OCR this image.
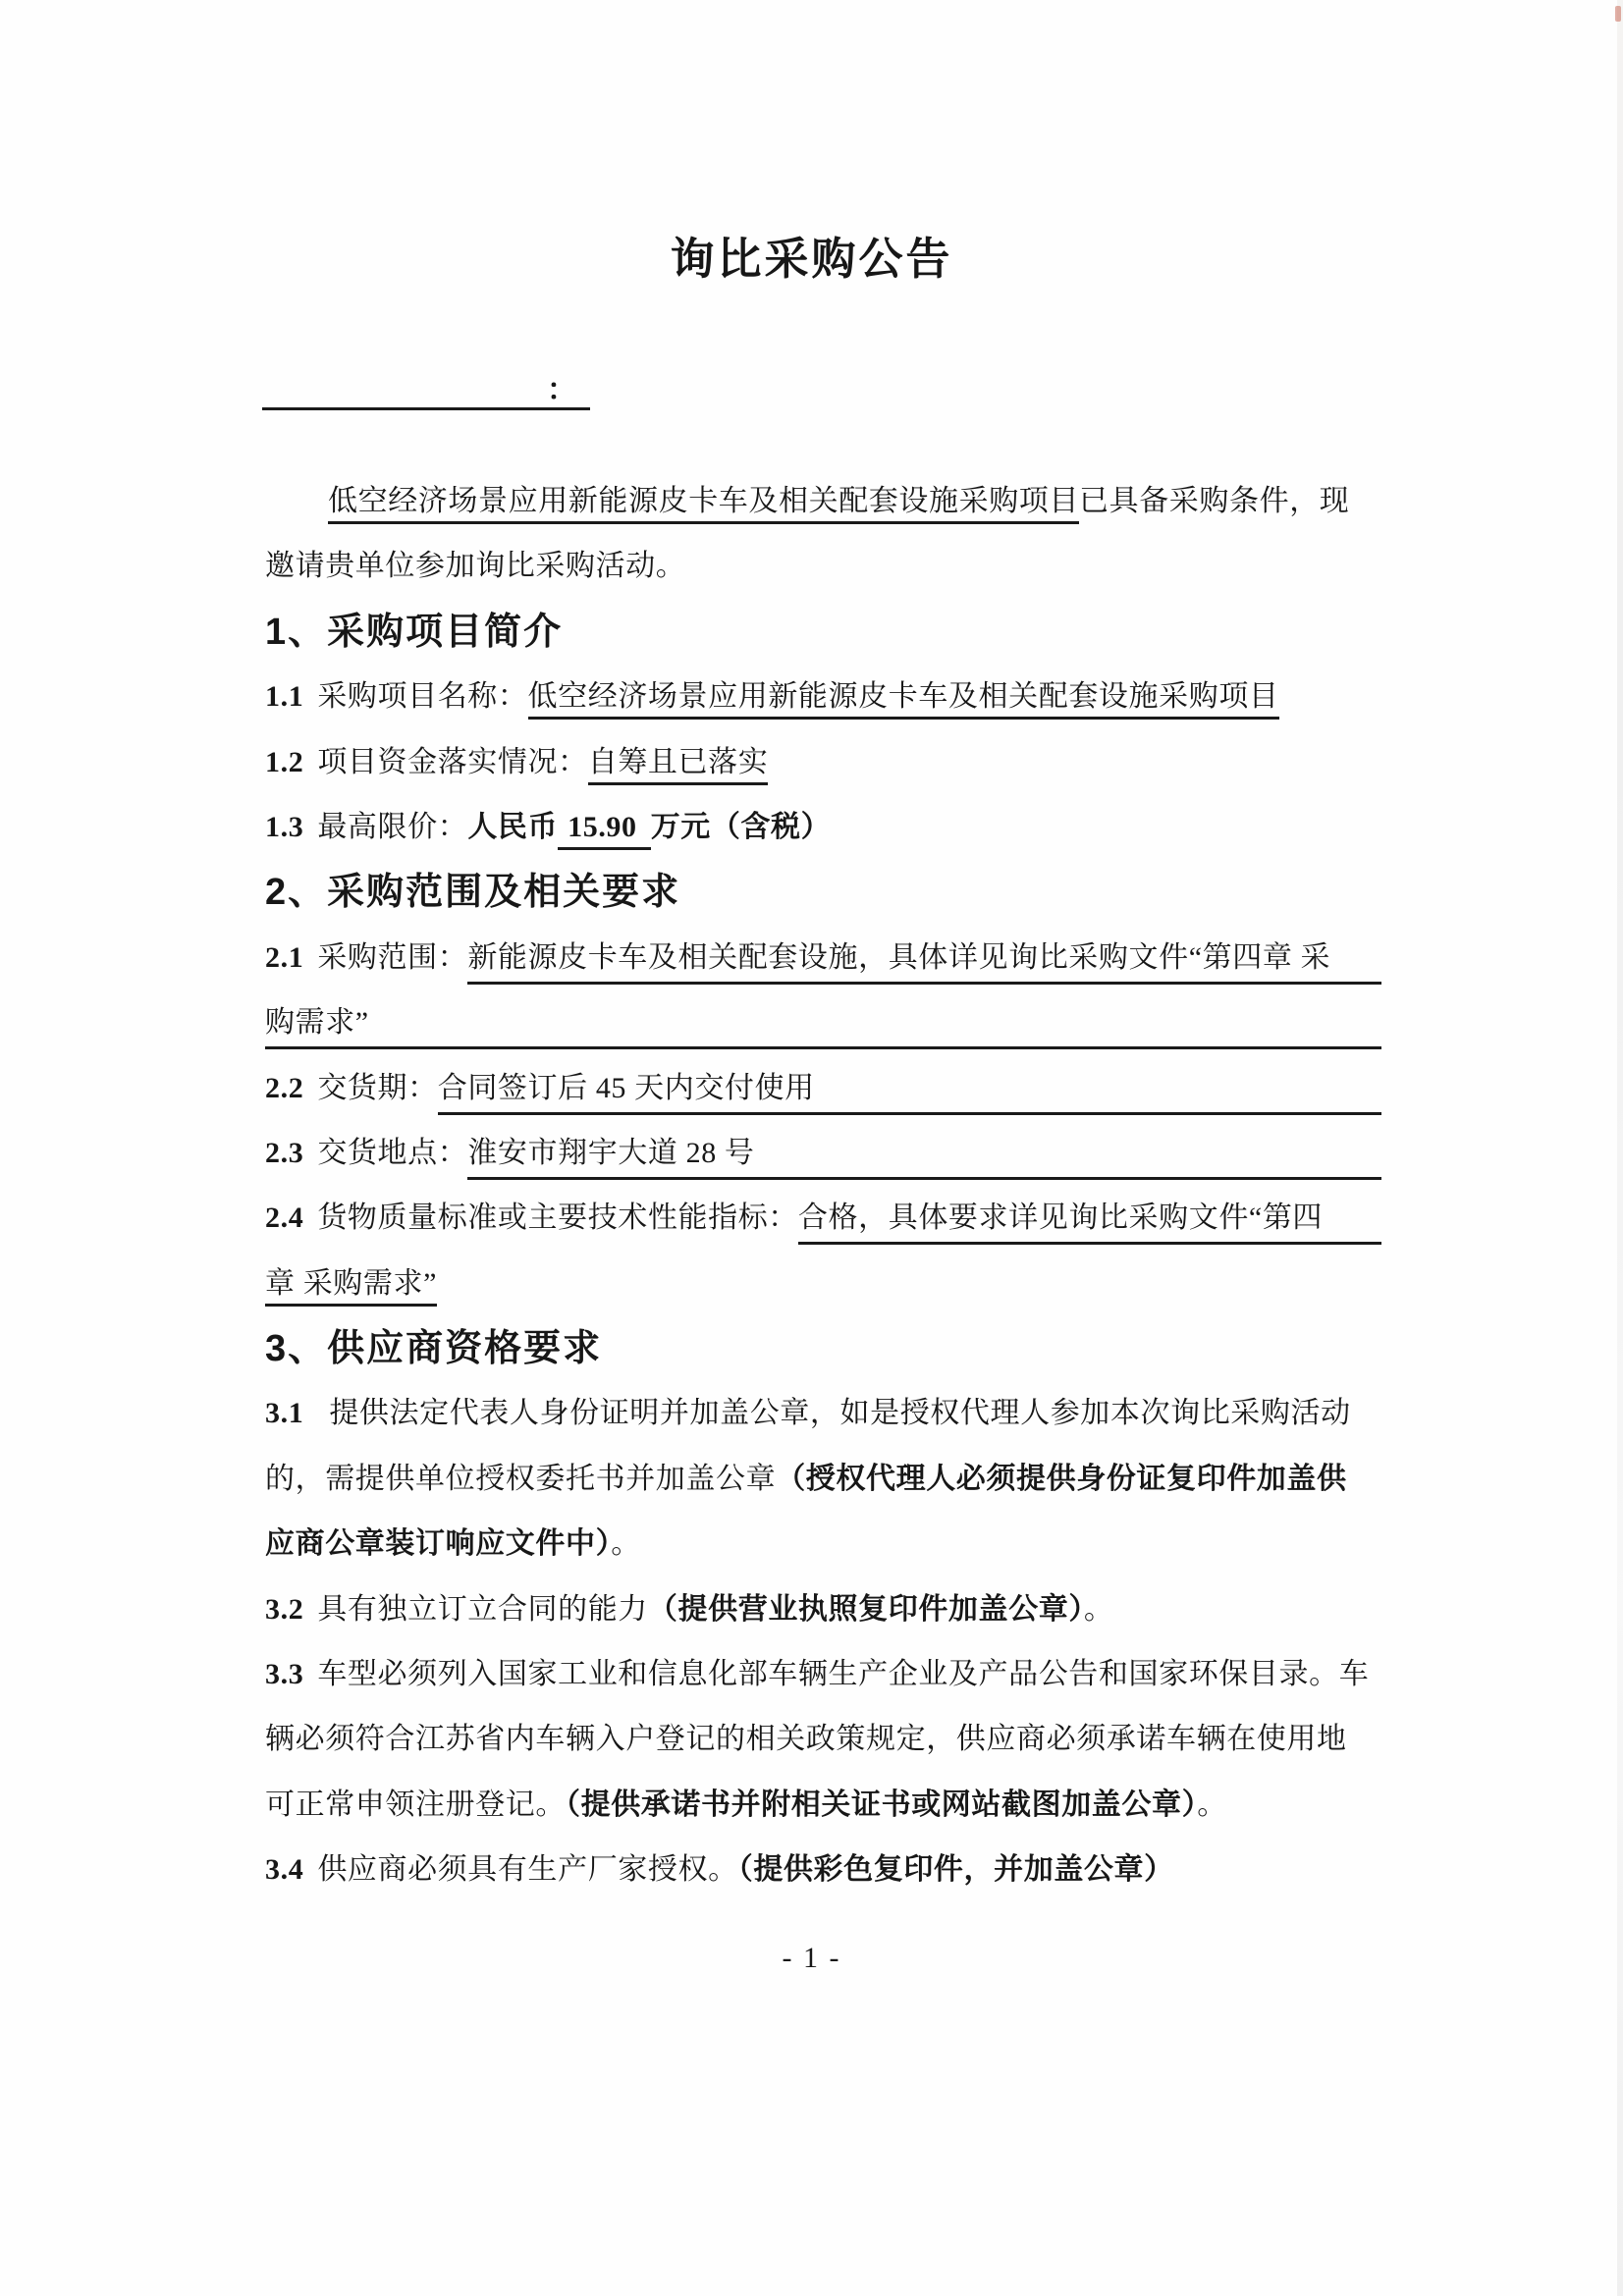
询比采购公告
：
低空经济场景应用新能源皮卡车及相关配套设施采购项目已具备采购条件，现
邀请贵单位参加询比采购活动。
1、采购项目简介
1.1 采购项目名称：低空经济场景应用新能源皮卡车及相关配套设施采购项目
1.2 项目资金落实情况：自筹且已落实
1.3 最高限价：人民币 15.90 万元（含税）
2、采购范围及相关要求
2.1 采购范围： 新能源皮卡车及相关配套设施，具体详见询比采购文件“第四章 采

购需求”

2.2 交货期： 合同签订后 45 天内交付使用

2.3 交货地点： 淮安市翔宇大道 28 号

2.4 货物质量标准或主要技术性能指标： 合格，具体要求详见询比采购文件“第四

章 采购需求”
3、供应商资格要求
3.1 提供法定代表人身份证明并加盖公章，如是授权代理人参加本次询比采购活动
的，需提供单位授权委托书并加盖公章（授权代理人必须提供身份证复印件加盖供
应商公章装订响应文件中）。
3.2 具有独立订立合同的能力（提供营业执照复印件加盖公章）。
3.3 车型必须列入国家工业和信息化部车辆生产企业及产品公告和国家环保目录。车
辆必须符合江苏省内车辆入户登记的相关政策规定，供应商必须承诺车辆在使用地
可正常申领注册登记。（提供承诺书并附相关证书或网站截图加盖公章）。
3.4 供应商必须具有生产厂家授权。（提供彩色复印件，并加盖公章）
- 1 -
